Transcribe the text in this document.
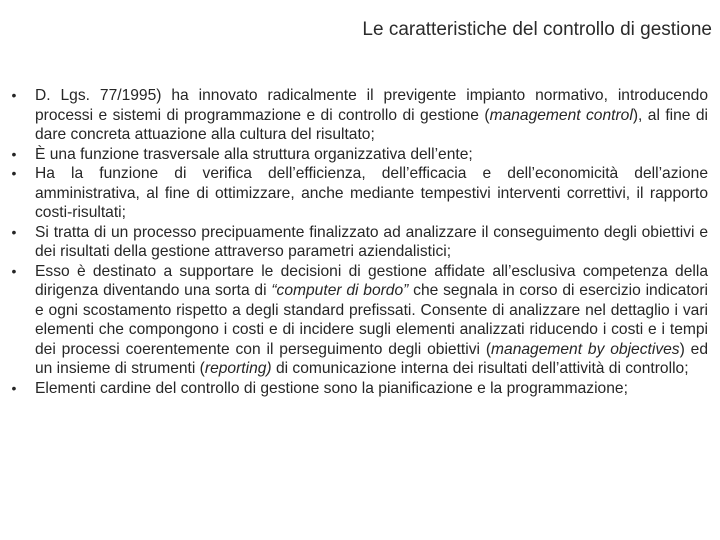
Le caratteristiche del controllo di gestione
• D. Lgs. 77/1995) ha innovato radicalmente il previgente impianto normativo, introducendo processi e sistemi di programmazione e di controllo di gestione (management control), al fine di dare concreta attuazione alla cultura del risultato;
• È una funzione trasversale alla struttura organizzativa dell’ente;
• Ha la funzione di verifica dell’efficienza, dell’efficacia e dell’economicità dell’azione amministrativa, al fine di ottimizzare, anche mediante tempestivi interventi correttivi, il rapporto costi-risultati;
• Si tratta di un processo precipuamente finalizzato ad analizzare il conseguimento degli obiettivi e dei risultati della gestione attraverso parametri aziendalistici;
• Esso è destinato a supportare le decisioni di gestione affidate all’esclusiva competenza della dirigenza diventando una sorta di “computer di bordo” che segnala in corso di esercizio indicatori e ogni scostamento rispetto a degli standard prefissati. Consente di analizzare nel dettaglio i vari elementi che compongono i costi e di incidere sugli elementi analizzati riducendo i costi e i tempi dei processi coerentemente con il perseguimento degli obiettivi (management by objectives) ed un insieme di strumenti (reporting) di comunicazione interna dei risultati dell’attività di controllo;
• Elementi cardine del controllo di gestione sono la pianificazione e la programmazione;
